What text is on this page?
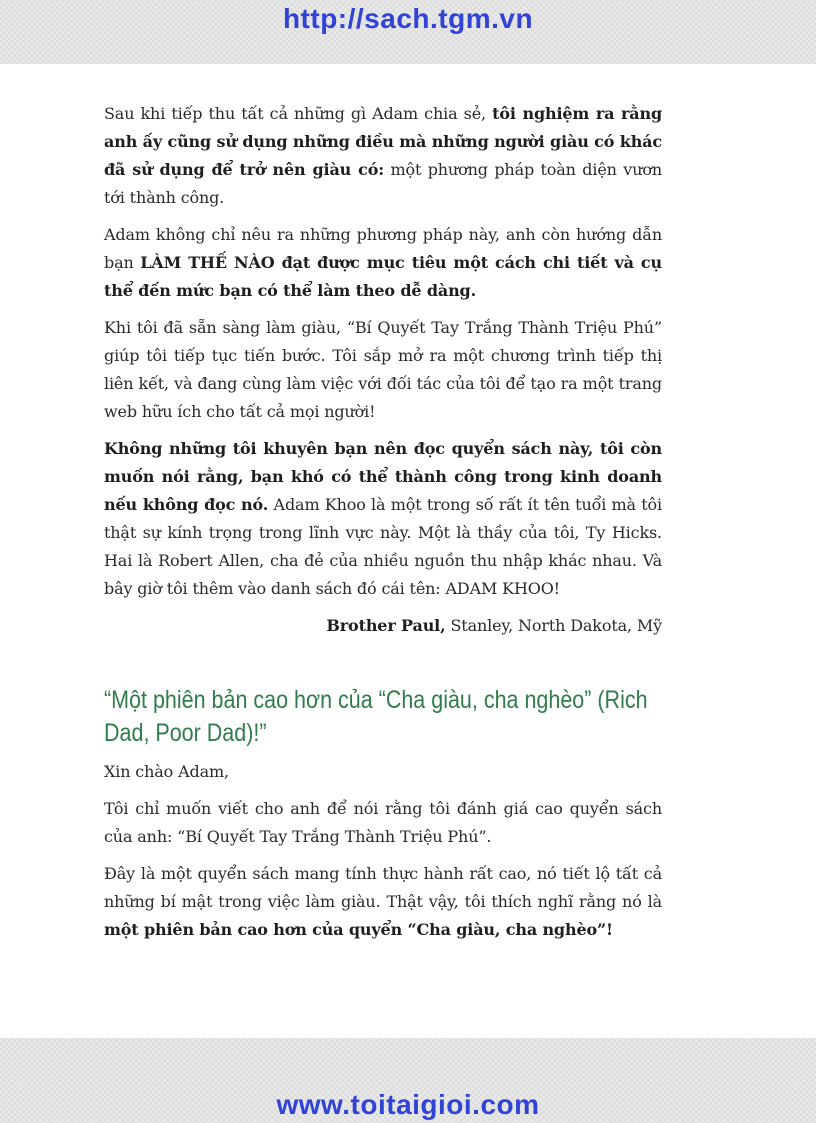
http://sach.tgm.vn

Sau khi tiếp thu tất cả những gì Adam chia sẻ, tôi nghiệm ra rằng anh ấy cũng sử dụng những điều mà những người giàu có khác đã sử dụng để trở nên giàu có: một phương pháp toàn diện vươn tới thành công.

Adam không chỉ nêu ra những phương pháp này, anh còn hướng dẫn bạn LÀM THẾ NÀO đạt được mục tiêu một cách chi tiết và cụ thể đến mức bạn có thể làm theo dễ dàng.

Khi tôi đã sẵn sàng làm giàu, “Bí Quyết Tay Trắng Thành Triệu Phú” giúp tôi tiếp tục tiến bước. Tôi sắp mở ra một chương trình tiếp thị liên kết, và đang cùng làm việc với đối tác của tôi để tạo ra một trang web hữu ích cho tất cả mọi người!

Không những tôi khuyên bạn nên đọc quyển sách này, tôi còn muốn nói rằng, bạn khó có thể thành công trong kinh doanh nếu không đọc nó. Adam Khoo là một trong số rất ít tên tuổi mà tôi thật sự kính trọng trong lĩnh vực này. Một là thầy của tôi, Ty Hicks. Hai là Robert Allen, cha đẻ của nhiều nguồn thu nhập khác nhau. Và bây giờ tôi thêm vào danh sách đó cái tên: ADAM KHOO!

Brother Paul, Stanley, North Dakota, Mỹ

“Một phiên bản cao hơn của “Cha giàu, cha nghèo” (Rich Dad, Poor Dad)!”

Xin chào Adam,

Tôi chỉ muốn viết cho anh để nói rằng tôi đánh giá cao quyển sách của anh: “Bí Quyết Tay Trắng Thành Triệu Phú”.

Đây là một quyển sách mang tính thực hành rất cao, nó tiết lộ tất cả những bí mật trong việc làm giàu. Thật vậy, tôi thích nghĩ rằng nó là một phiên bản cao hơn của quyển “Cha giàu, cha nghèo”!

www.toitaigioi.com
